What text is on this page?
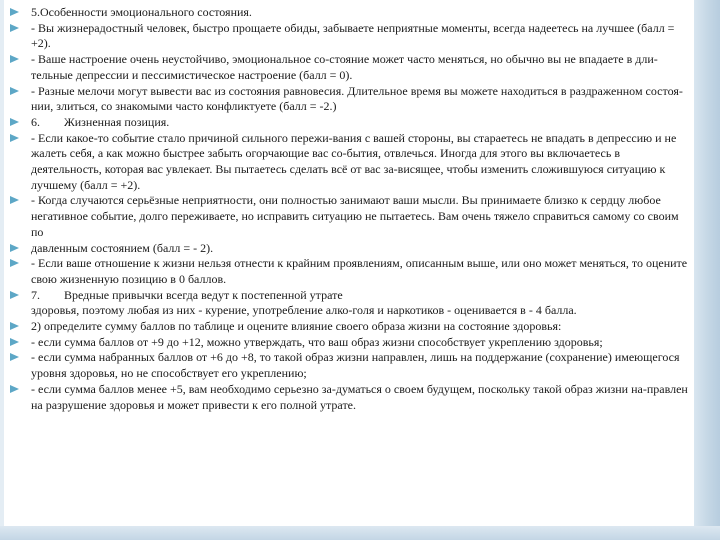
5.Особенности эмоционального состояния.
- Вы жизнерадостный человек, быстро прощаете обиды, забываете неприятные моменты, всегда надеетесь на лучшее (балл = +2).
- Ваше настроение очень неустойчиво, эмоциональное со-стояние может часто меняться, но обычно вы не впадаете в дли-тельные депрессии и пессимистическое настроение (балл = 0).
- Разные мелочи могут вывести вас из состояния равновесия. Длительное время вы можете находиться в раздраженном состоя-нии, злиться, со знакомыми часто конфликтуете (балл = -2.)
6.        Жизненная позиция.
- Если какое-то событие стало причиной сильного пережи-вания с вашей стороны, вы стараетесь не впадать в депрессию и не жалеть себя, а как можно быстрее забыть огорчающие вас со-бытия, отвлечься. Иногда для этого вы включаетесь в деятельность, которая вас увлекает. Вы пытаетесь сделать всё от вас за-висящее, чтобы изменить сложившуюся ситуацию к лучшему (балл = +2).
- Когда случаются серьёзные неприятности, они полностью занимают ваши мысли. Вы принимаете близко к сердцу любое негативное событие, долго переживаете, но исправить ситуацию не пытаетесь. Вам очень тяжело справиться самому со своим по
давленным состоянием (балл = - 2).
- Если ваше отношение к жизни нельзя отнести к крайним проявлениям, описанным выше, или оно может меняться, то оцените свою жизненную позицию в 0 баллов.
7.        Вредные привычки всегда ведут к постепенной утрате
здоровья, поэтому любая из них - курение, употребление алко-голя и наркотиков - оценивается в - 4 балла.
2) определите сумму баллов по таблице и оцените влияние своего образа жизни на состояние здоровья:
- если сумма баллов от +9 до +12, можно утверждать, что ваш образ жизни способствует укреплению здоровья;
- если сумма набранных баллов от +6 до +8, то такой образ жизни направлен, лишь на поддержание (сохранение) имеющегося уровня здоровья, но не способствует его укреплению;
- если сумма баллов менее +5, вам необходимо серьезно за-думаться о своем будущем, поскольку такой образ жизни на-правлен на разрушение здоровья и может привести к его полной утрате.
